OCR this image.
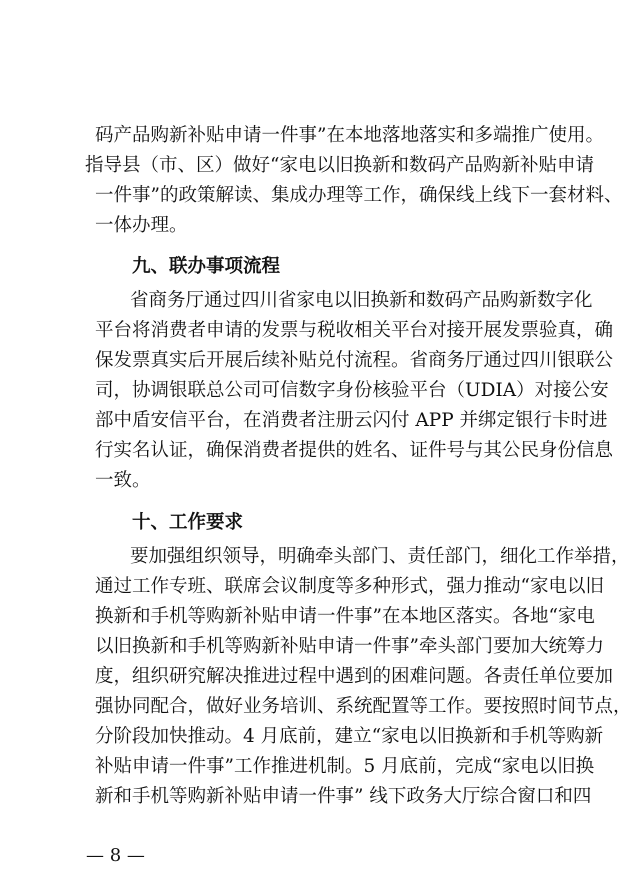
码产品购新补贴申请一件事”在本地落地落实和多端推广使用。
指导县（市、区）做好“家电以旧换新和数码产品购新补贴申请
一件事”的政策解读、集成办理等工作，确保线上线下一套材料、
一体办理。
九、联办事项流程
省商务厅通过四川省家电以旧换新和数码产品购新数字化
平台将消费者申请的发票与税收相关平台对接开展发票验真，确
保发票真实后开展后续补贴兑付流程。省商务厅通过四川银联公
司，协调银联总公司可信数字身份核验平台（UDIA）对接公安
部中盾安信平台，在消费者注册云闪付 APP 并绑定银行卡时进
行实名认证，确保消费者提供的姓名、证件号与其公民身份信息
一致。
十、工作要求
要加强组织领导，明确牵头部门、责任部门，细化工作举措，
通过工作专班、联席会议制度等多种形式，强力推动“家电以旧
换新和手机等购新补贴申请一件事”在本地区落实。各地“家电
以旧换新和手机等购新补贴申请一件事”牵头部门要加大统筹力
度，组织研究解决推进过程中遇到的困难问题。各责任单位要加
强协同配合，做好业务培训、系统配置等工作。要按照时间节点，
分阶段加快推动。4 月底前，建立“家电以旧换新和手机等购新
补贴申请一件事”工作推进机制。5 月底前，完成“家电以旧换
新和手机等购新补贴申请一件事” 线下政务大厅综合窗口和四
— 8 —
